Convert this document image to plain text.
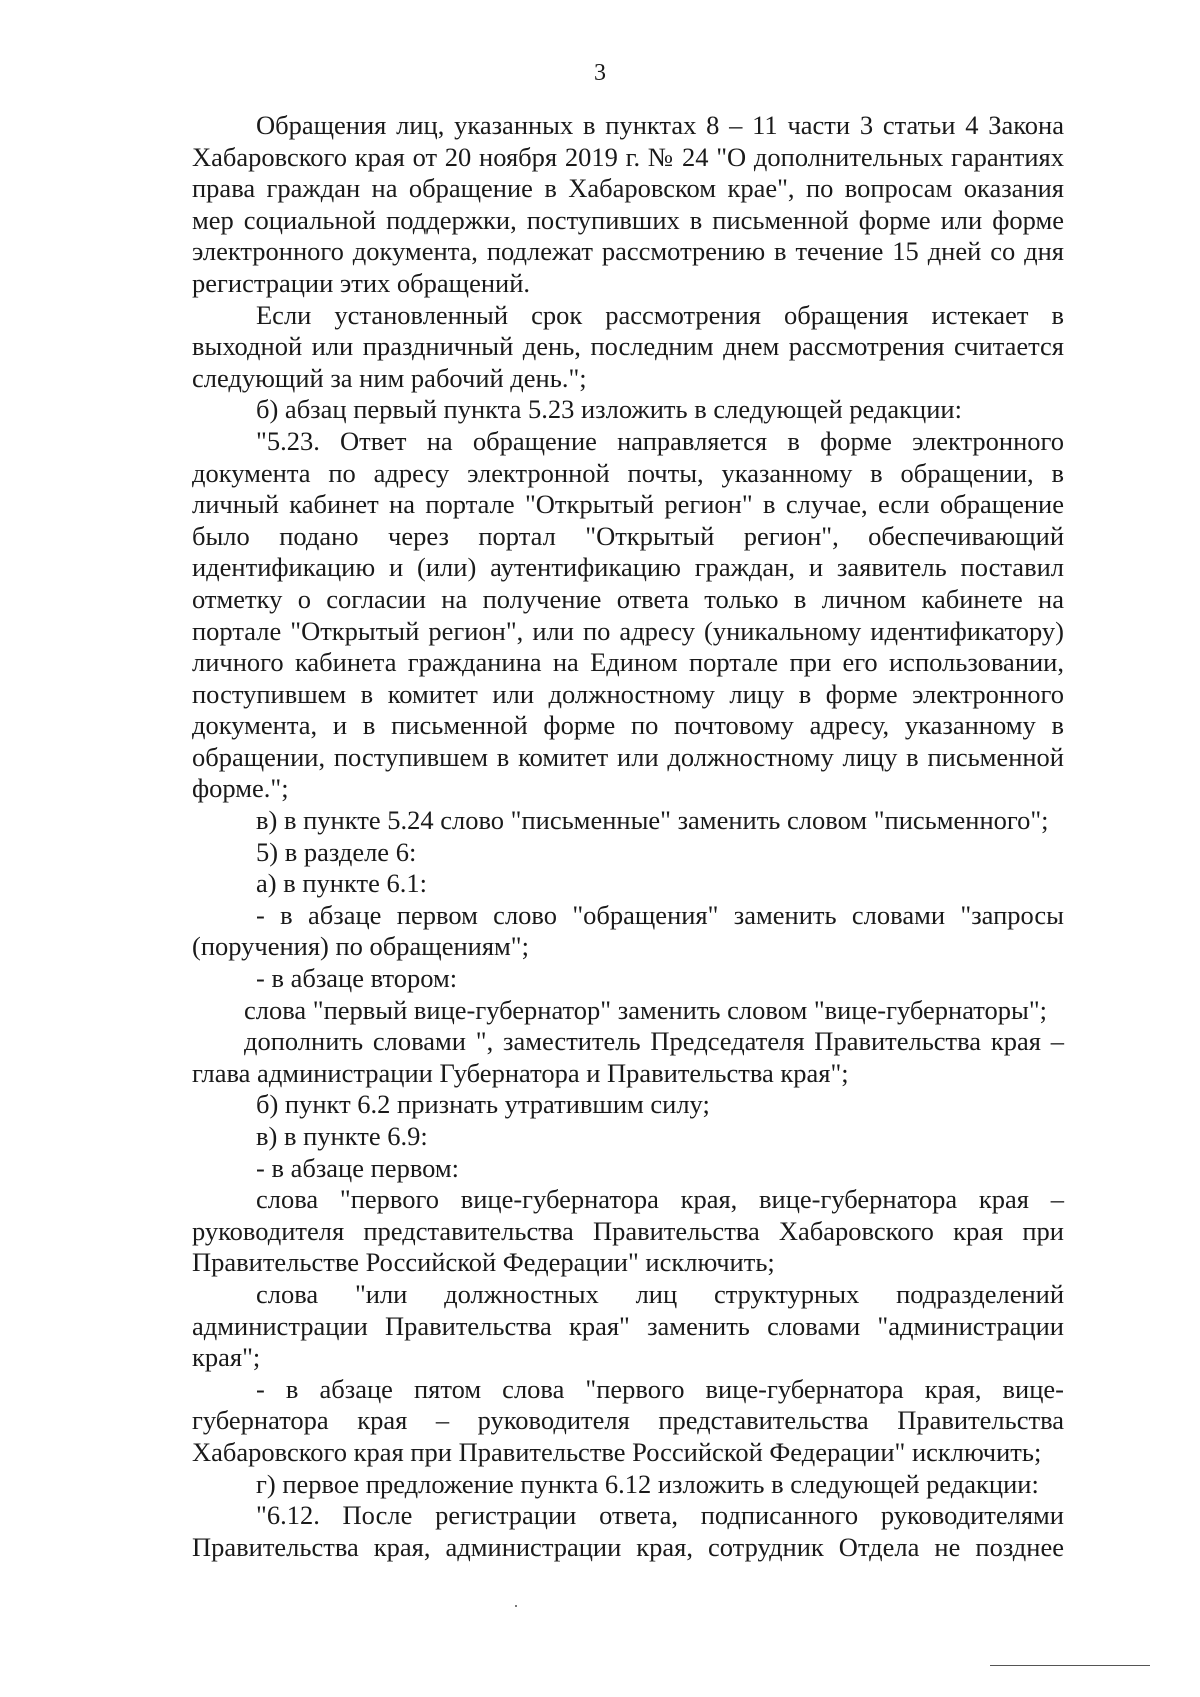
3

Обращения лиц, указанных в пунктах 8 – 11 части 3 статьи 4 Закона Хабаровского края от 20 ноября 2019 г. № 24 "О дополнительных гарантиях права граждан на обращение в Хабаровском крае", по вопросам оказания мер социальной поддержки, поступивших в письменной форме или форме электронного документа, подлежат рассмотрению в течение 15 дней со дня регистрации этих обращений.

Если установленный срок рассмотрения обращения истекает в выходной или праздничный день, последним днем рассмотрения считается следующий за ним рабочий день.";

б) абзац первый пункта 5.23 изложить в следующей редакции:

"5.23. Ответ на обращение направляется в форме электронного документа по адресу электронной почты, указанному в обращении, в личный кабинет на портале "Открытый регион" в случае, если обращение было подано через портал "Открытый регион", обеспечивающий идентификацию и (или) аутентификацию граждан, и заявитель поставил отметку о согласии на получение ответа только в личном кабинете на портале "Открытый регион", или по адресу (уникальному идентификатору) личного кабинета гражданина на Едином портале при его использовании, поступившем в комитет или должностному лицу в форме электронного документа, и в письменной форме по почтовому адресу, указанному в обращении, поступившем в комитет или должностному лицу в письменной форме.";

в) в пункте 5.24 слово "письменные" заменить словом "письменного";

5) в разделе 6:

а) в пункте 6.1:

- в абзаце первом слово "обращения" заменить словами "запросы (поручения) по обращениям";

- в абзаце втором:

слова "первый вице-губернатор" заменить словом "вице-губернаторы";

дополнить словами ", заместитель Председателя Правительства края – глава администрации Губернатора и Правительства края";

б) пункт 6.2 признать утратившим силу;

в) в пункте 6.9:

- в абзаце первом:

слова "первого вице-губернатора края, вице-губернатора края – руководителя представительства Правительства Хабаровского края при Правительстве Российской Федерации" исключить;

слова "или должностных лиц структурных подразделений администрации Правительства края" заменить словами "администрации края";

- в абзаце пятом слова "первого вице-губернатора края, вице-губернатора края – руководителя представительства Правительства Хабаровского края при Правительстве Российской Федерации" исключить;

г) первое предложение пункта 6.12 изложить в следующей редакции:

"6.12. После регистрации ответа, подписанного руководителями Правительства края, администрации края, сотрудник Отдела не позднее
